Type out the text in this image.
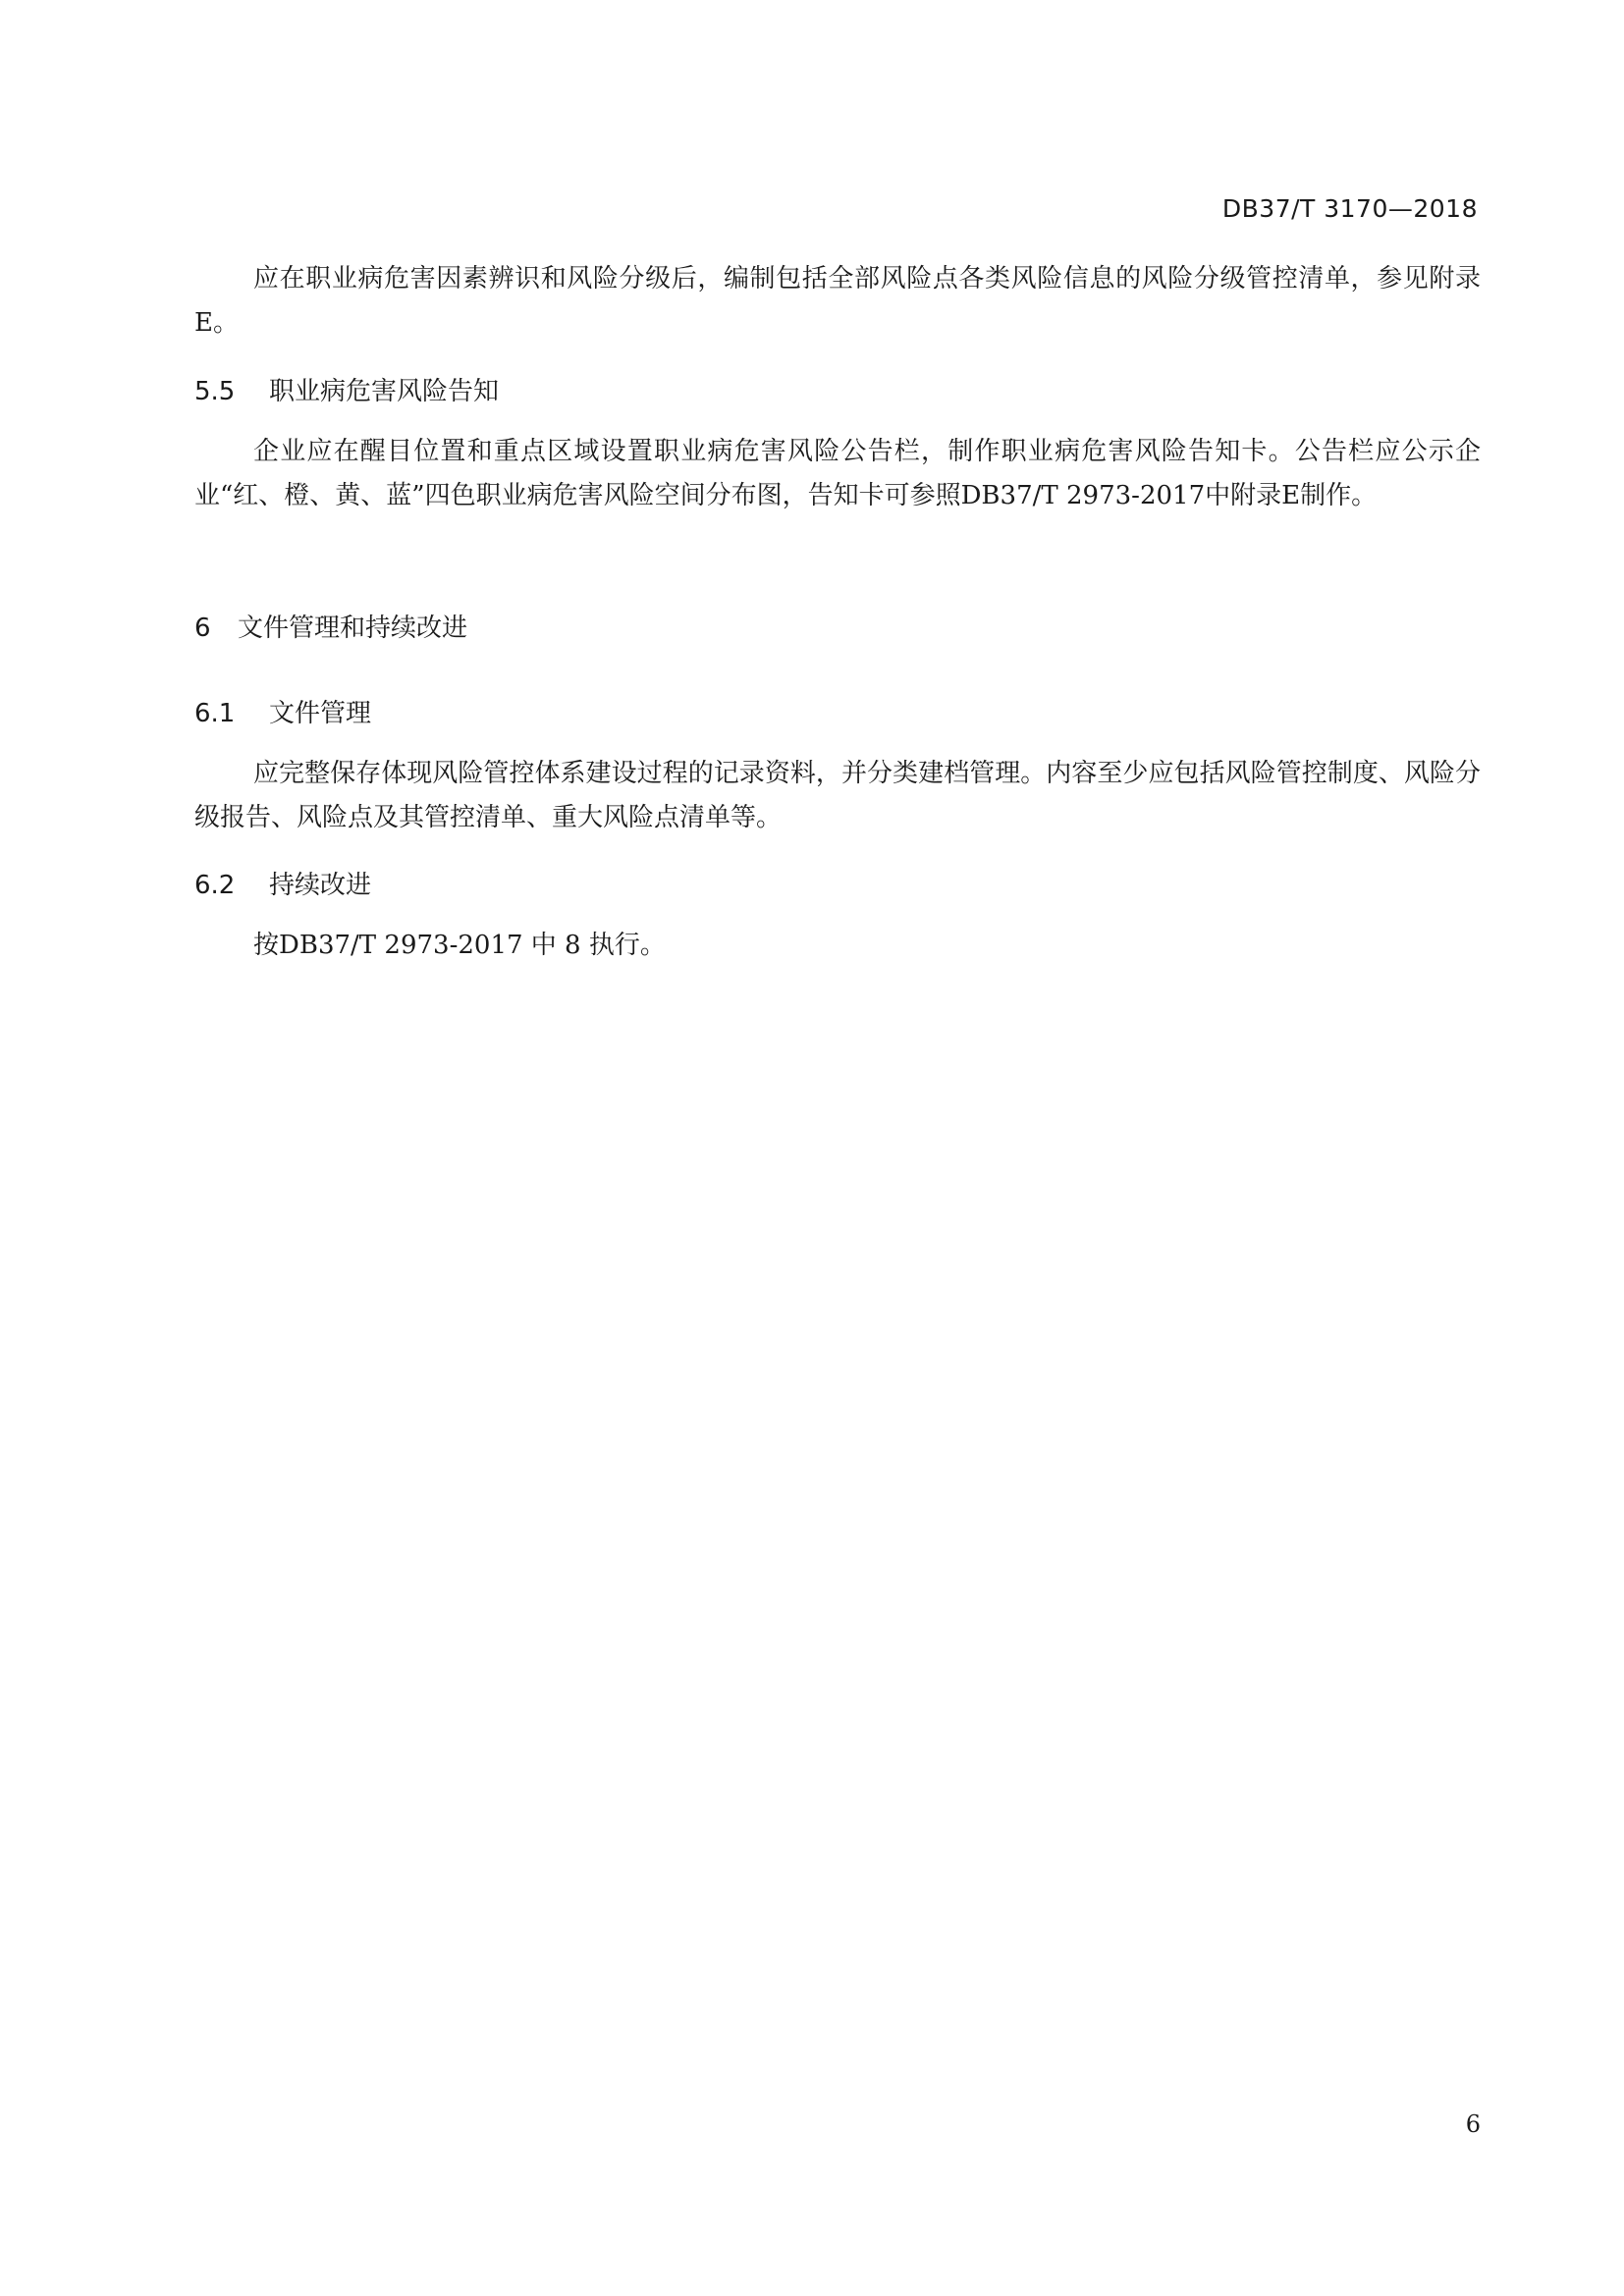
DB37/T 3170—2018

应在职业病危害因素辨识和风险分级后，编制包括全部风险点各类风险信息的风险分级管控清单，参见附录E。

5.5 职业病危害风险告知

企业应在醒目位置和重点区域设置职业病危害风险公告栏，制作职业病危害风险告知卡。公告栏应公示企业“红、橙、黄、蓝”四色职业病危害风险空间分布图，告知卡可参照DB37/T 2973-2017中附录E制作。

6 文件管理和持续改进
6.1 文件管理

应完整保存体现风险管控体系建设过程的记录资料，并分类建档管理。内容至少应包括风险管控制度、风险分级报告、风险点及其管控清单、重大风险点清单等。

6.2 持续改进

按DB37/T 2973-2017 中 8 执行。

6
